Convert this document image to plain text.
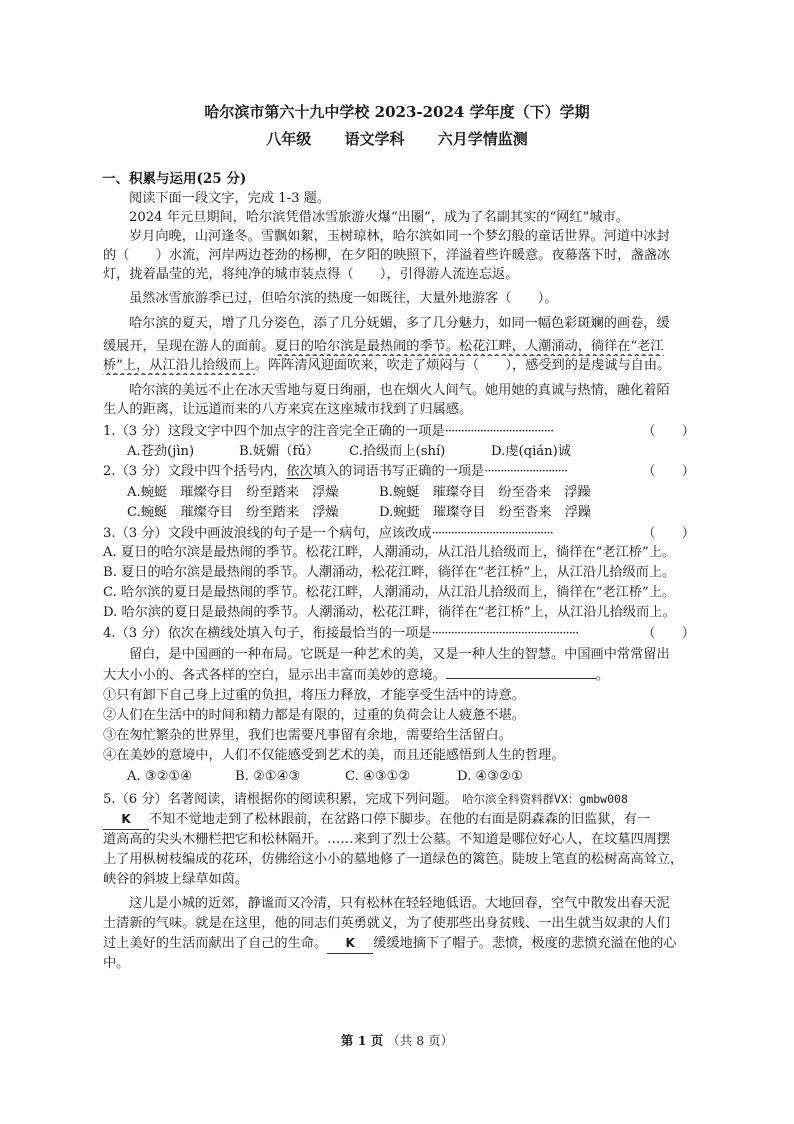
哈尔滨市第六十九中学校 2023-2024 学年度（下）学期
八年级 语文学科 六月学情监测
一、积累与运用(25 分)
阅读下面一段文字，完成 1-3 题。
2024 年元旦期间，哈尔滨凭借冰雪旅游火爆“出圈”，成为了名副其实的“网红”城市。
岁月向晚，山河逢冬。雪飘如絮，玉树琼林，哈尔滨如同一个梦幻般的童话世界。河道中冰封
的（　　）水流，河岸两边苍劲的杨柳，在夕阳的映照下，洋溢着些许暖意。夜幕落下时，盏盏冰
灯，拢着晶莹的光，将纯净的城市装点得（　　），引得游人流连忘返。
虽然冰雪旅游季已过，但哈尔滨的热度一如既往，大量外地游客（　　）。
哈尔滨的夏天，增了几分姿色，添了几分妩媚，多了几分魅力，如同一幅色彩斑斓的画卷，缓
缓展开，呈现在游人的面前。夏日的哈尔滨是最热闹的季节。松花江畔，人潮涌动，徜徉在“老江
桥”上，从江沿儿拾级而上。阵阵清风迎面吹来，吹走了烦闷与（　　），感受到的是虔诚与自由。
哈尔滨的美远不止在冰天雪地与夏日绚丽，也在烟火人间气。她用她的真诚与热情，融化着陌
生人的距离，让远道而来的八方来宾在这座城市找到了归属感。
1.（3 分）这段文字中四个加点字的注音完全正确的一项是··································	（　　）
A.苍劲(jìn)	B.妩媚（fǔ） C.拾级而上(shí)	D.虔(qián)诚
2.（3 分）文段中四个括号内，依次填入的词语书写正确的一项是··························	（　　）
A.蜿蜓　璀燦夺目　纷至踏来　浮燥	B.蜿蜒　璀璨夺目　纷至沓来　浮躁
C.蜿蜒　璀燦夺目　纷至踏来　浮燥	D.蜿蜓　璀璨夺目　纷至沓来　浮躁
3.（3 分）文段中画波浪线的句子是一个病句，应该改成······································	（　　）
A. 夏日的哈尔滨是最热闹的季节。松花江畔，人潮涌动，从江沿儿拾级而上，徜徉在“老江桥”上。
B. 夏日的哈尔滨是最热闹的季节。人潮涌动，松花江畔，徜徉在“老江桥”上，从江沿儿拾级而上。
C. 哈尔滨的夏日是最热闹的季节。松花江畔，人潮涌动，从江沿儿拾级而上，徜徉在“老江桥”上。
D. 哈尔滨的夏日是最热闹的季节。人潮涌动，松花江畔，徜徉在“老江桥”上，从江沿儿拾级而上。
4.（3 分）依次在横线处填入句子，衔接最恰当的一项是··············································	（　　）
留白，是中国画的一种布局。它既是一种艺术的美，又是一种人生的智慧。中国画中常常留出
大大小小的、各式各样的空白，显示出丰富而美妙的意境。	。
①只有卸下自己身上过重的负担，将压力释放，才能享受生活中的诗意。
②人们在生活中的时间和精力都是有限的，过重的负荷会让人疲惫不堪。
③在匆忙繁杂的世界里，我们也需要凡事留有余地，需要给生活留白。
④在美妙的意境中，人们不仅能感受到艺术的美，而且还能感悟到人生的哲理。
A. ③②①④	B. ②①④③	C. ④③①②	D. ④③②①
5.（6 分）名著阅读，请根据你的阅读积累，完成下列问题。 哈尔滨全科资料群VX：gmbw008
K 不知不觉地走到了松林跟前，在岔路口停下脚步。在他的右面是阴森森的旧监狱，有一
道高高的尖头木栅栏把它和松林隔开。……来到了烈士公墓。不知道是哪位好心人，在坟墓四周摆
上了用枞树枝编成的花环，仿佛给这小小的墓地修了一道绿色的篱笆。陡坡上笔直的松树高高耸立，
峡谷的斜坡上绿草如茵。
这儿是小城的近郊，静谧而又冷清，只有松林在轻轻地低语。大地回春，空气中散发出春天泥
土清新的气味。就是在这里，他的同志们英勇就义，为了使那些出身贫贱、一出生就当奴隶的人们
过上美好的生活而献出了自己的生命。 K 缓缓地摘下了帽子。悲愤，极度的悲愤充溢在他的心
中。
第 1 页 （共 8 页）
